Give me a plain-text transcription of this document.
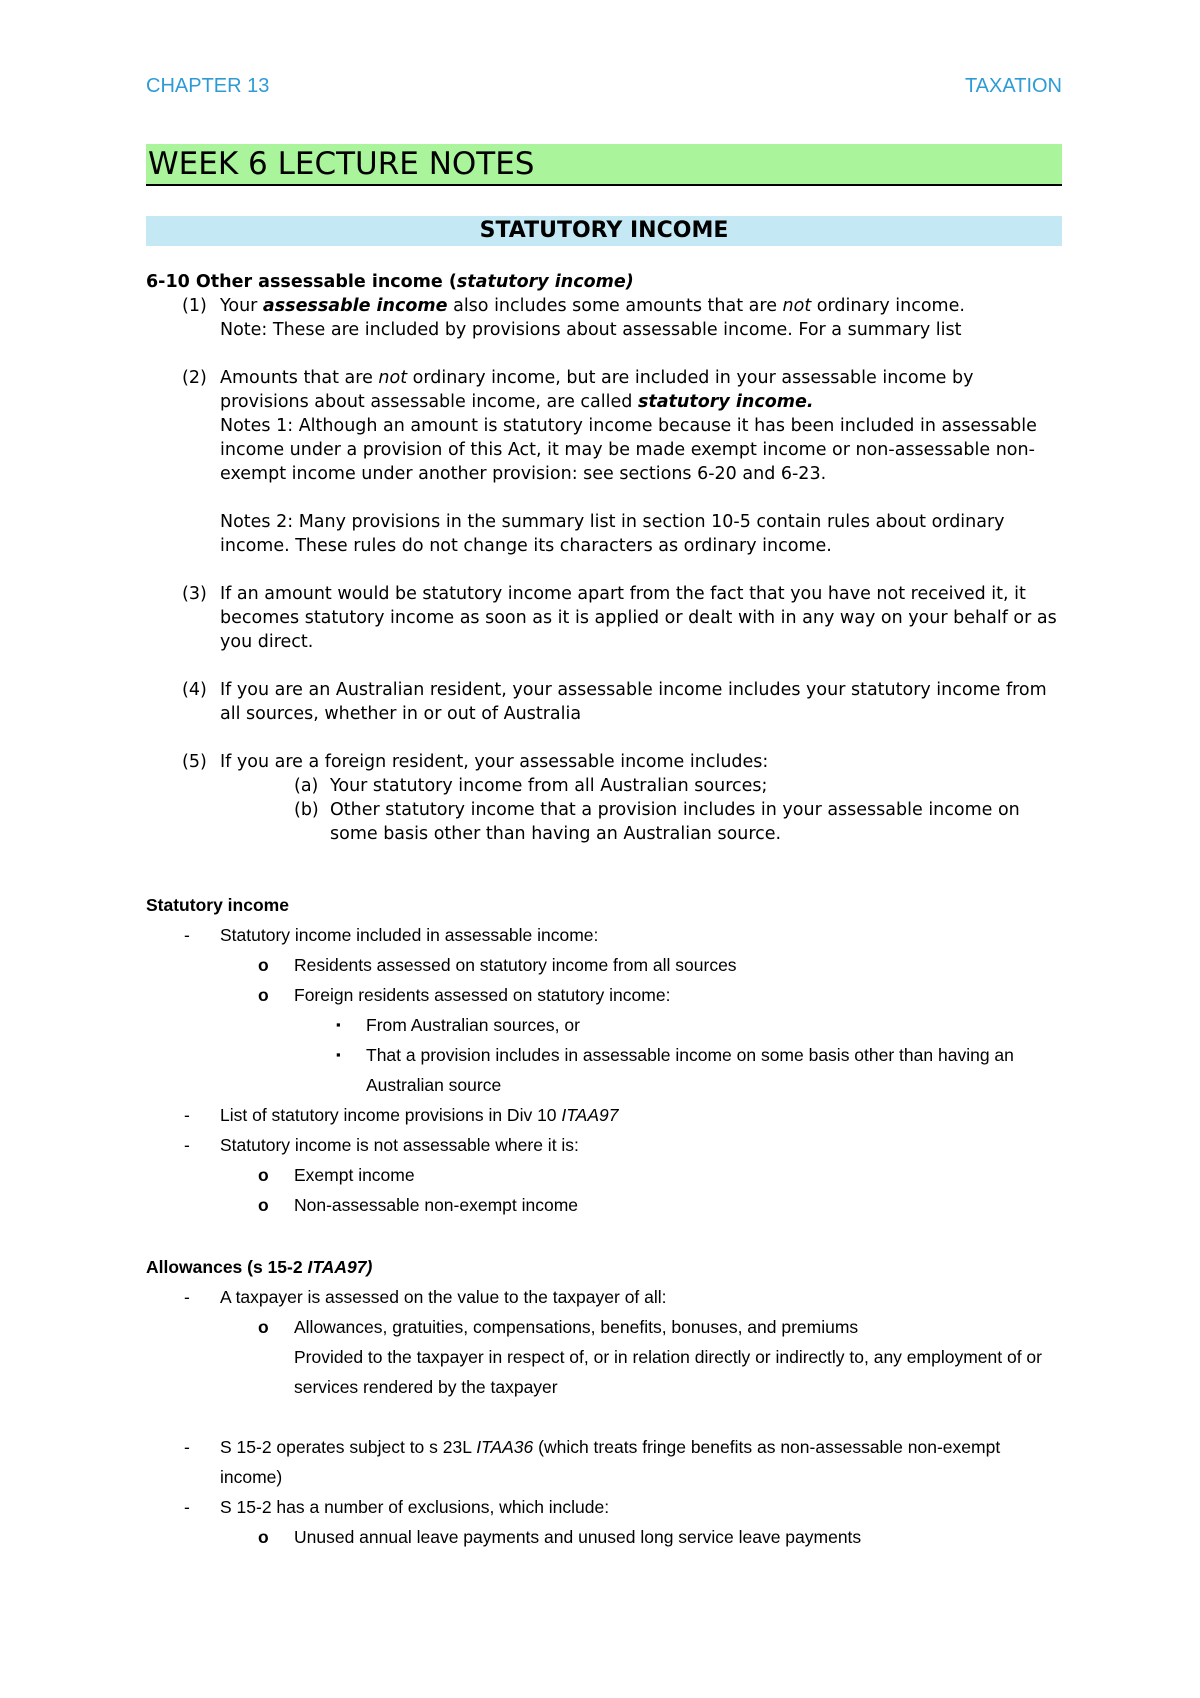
CHAPTER 13	TAXATION
WEEK 6 LECTURE NOTES
STATUTORY INCOME
6-10 Other assessable income (statutory income)
(1) Your assessable income also includes some amounts that are not ordinary income.
Note: These are included by provisions about assessable income. For a summary list
(2) Amounts that are not ordinary income, but are included in your assessable income by provisions about assessable income, are called statutory income.
Notes 1: Although an amount is statutory income because it has been included in assessable income under a provision of this Act, it may be made exempt income or non-assessable non-exempt income under another provision: see sections 6-20 and 6-23.
Notes 2: Many provisions in the summary list in section 10-5 contain rules about ordinary income. These rules do not change its characters as ordinary income.
(3) If an amount would be statutory income apart from the fact that you have not received it, it becomes statutory income as soon as it is applied or dealt with in any way on your behalf or as you direct.
(4) If you are an Australian resident, your assessable income includes your statutory income from all sources, whether in or out of Australia
(5) If you are a foreign resident, your assessable income includes:
(a) Your statutory income from all Australian sources;
(b) Other statutory income that a provision includes in your assessable income on some basis other than having an Australian source.
Statutory income
- Statutory income included in assessable income:
o Residents assessed on statutory income from all sources
o Foreign residents assessed on statutory income:
▪ From Australian sources, or
▪ That a provision includes in assessable income on some basis other than having an Australian source
- List of statutory income provisions in Div 10 ITAA97
- Statutory income is not assessable where it is:
o Exempt income
o Non-assessable non-exempt income
Allowances (s 15-2 ITAA97)
- A taxpayer is assessed on the value to the taxpayer of all:
o Allowances, gratuities, compensations, benefits, bonuses, and premiums
Provided to the taxpayer in respect of, or in relation directly or indirectly to, any employment of or services rendered by the taxpayer
- S 15-2 operates subject to s 23L ITAA36 (which treats fringe benefits as non-assessable non-exempt income)
- S 15-2 has a number of exclusions, which include:
o Unused annual leave payments and unused long service leave payments
